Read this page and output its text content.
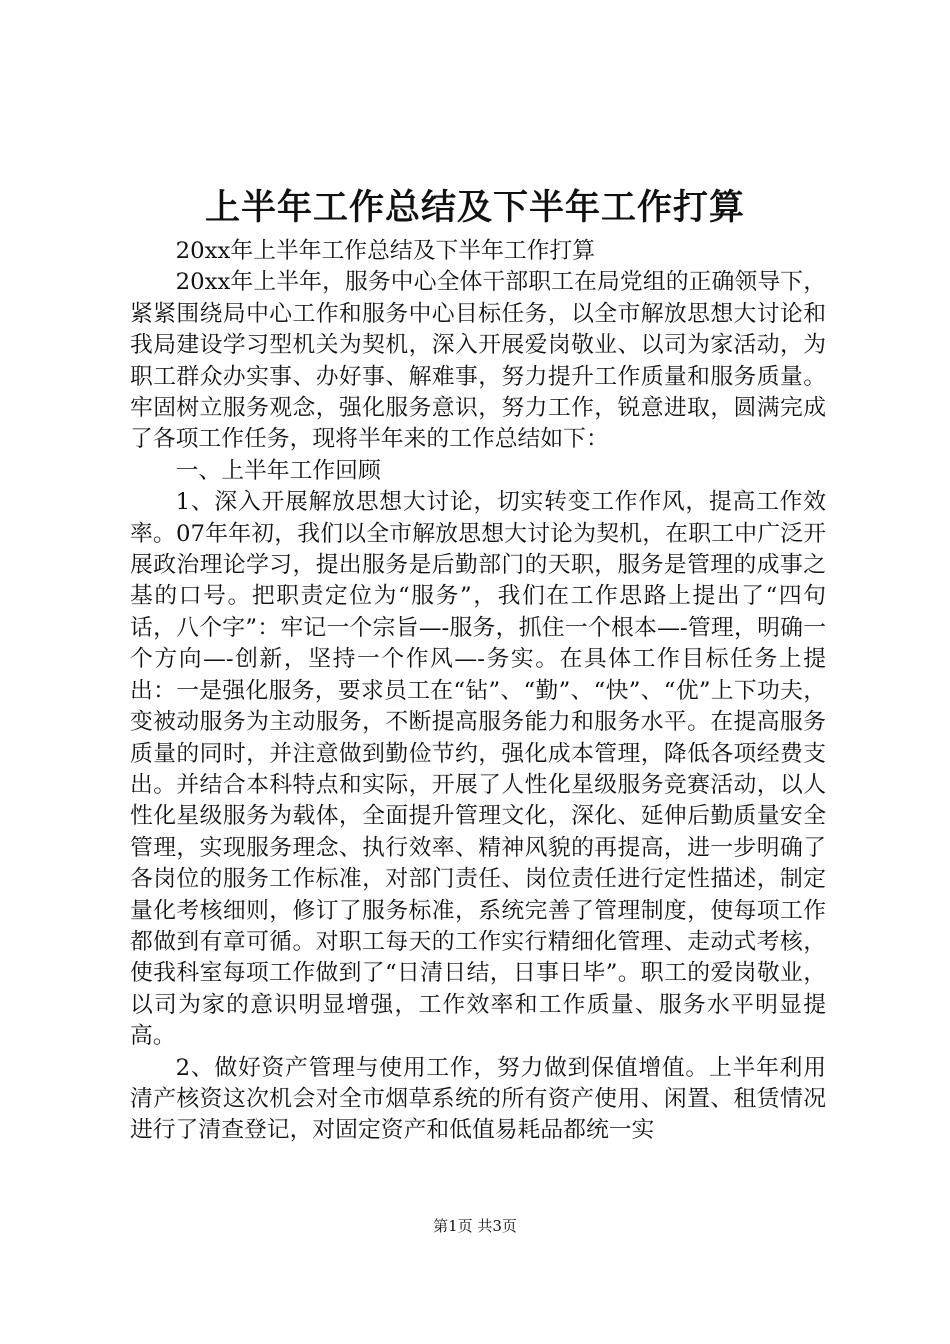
上半年工作总结及下半年工作打算

20xx年上半年工作总结及下半年工作打算

20xx年上半年，服务中心全体干部职工在局党组的正确领导下，紧紧围绕局中心工作和服务中心目标任务，以全市解放思想大讨论和我局建设学习型机关为契机，深入开展爱岗敬业、以司为家活动，为职工群众办实事、办好事、解难事，努力提升工作质量和服务质量。牢固树立服务观念，强化服务意识，努力工作，锐意进取，圆满完成了各项工作任务，现将半年来的工作总结如下：

一、上半年工作回顾

1、深入开展解放思想大讨论，切实转变工作作风，提高工作效率。07年年初，我们以全市解放思想大讨论为契机，在职工中广泛开展政治理论学习，提出服务是后勤部门的天职，服务是管理的成事之基的口号。把职责定位为“服务”，我们在工作思路上提出了“四句话，八个字”：牢记一个宗旨—-服务，抓住一个根本—-管理，明确一个方向—-创新，坚持一个作风—-务实。在具体工作目标任务上提出：一是强化服务，要求员工在“钻”、“勤”、“快”、“优”上下功夫，变被动服务为主动服务，不断提高服务能力和服务水平。在提高服务质量的同时，并注意做到勤俭节约，强化成本管理，降低各项经费支出。并结合本科特点和实际，开展了人性化星级服务竞赛活动，以人性化星级服务为载体，全面提升管理文化，深化、延伸后勤质量安全管理，实现服务理念、执行效率、精神风貌的再提高，进一步明确了各岗位的服务工作标准，对部门责任、岗位责任进行定性描述，制定量化考核细则，修订了服务标准，系统完善了管理制度，使每项工作都做到有章可循。对职工每天的工作实行精细化管理、走动式考核，使我科室每项工作做到了“日清日结，日事日毕”。职工的爱岗敬业，以司为家的意识明显增强，工作效率和工作质量、服务水平明显提高。

2、做好资产管理与使用工作，努力做到保值增值。上半年利用清产核资这次机会对全市烟草系统的所有资产使用、闲置、租赁情况进行了清查登记，对固定资产和低值易耗品都统一实

第1页 共3页
